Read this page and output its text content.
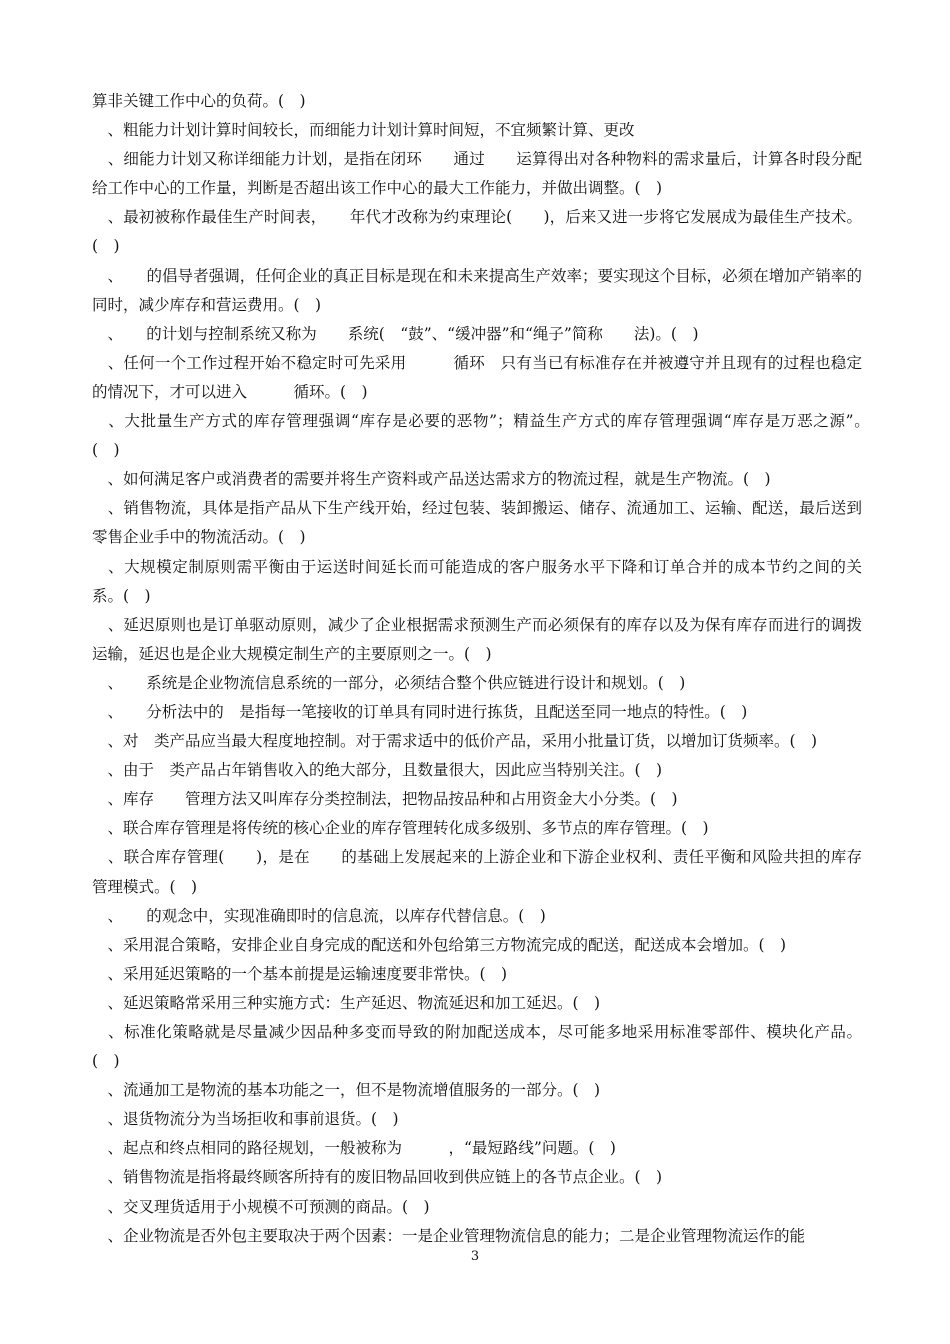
算非关键工作中心的负荷。(　)

　、粗能力计划计算时间较长，而细能力计划计算时间短，不宜频繁计算、更改

　、细能力计划又称详细能力计划，是指在闭环　　通过　　运算得出对各种物料的需求量后，计算各时段分配给工作中心的工作量，判断是否超出该工作中心的最大工作能力，并做出调整。(　)

　、最初被称作最佳生产时间表，　　年代才改称为约束理论(　　)，后来又进一步将它发展成为最佳生产技术。(　)

　、　　的倡导者强调，任何企业的真正目标是现在和未来提高生产效率；要实现这个目标，必须在增加产销率的同时，减少库存和营运费用。(　)

　、　　的计划与控制系统又称为　　系统(　“鼓”、“缓冲器”和“绳子”简称　　法)。(　)

　、任何一个工作过程开始不稳定时可先采用　　　循环　只有当已有标准存在并被遵守并且现有的过程也稳定的情况下，才可以进入　　　循环。(　)

　、大批量生产方式的库存管理强调“库存是必要的恶物”；精益生产方式的库存管理强调“库存是万恶之源”。　(　)

　、如何满足客户或消费者的需要并将生产资料或产品送达需求方的物流过程，就是生产物流。(　)

　、销售物流，具体是指产品从下生产线开始，经过包装、装卸搬运、储存、流通加工、运输、配送，最后送到零售企业手中的物流活动。(　)

　、大规模定制原则需平衡由于运送时间延长而可能造成的客户服务水平下降和订单合并的成本节约之间的关系。(　)

　、延迟原则也是订单驱动原则，减少了企业根据需求预测生产而必须保有的库存以及为保有库存而进行的调拨运输，延迟也是企业大规模定制生产的主要原则之一。(　)

　、　　系统是企业物流信息系统的一部分，必须结合整个供应链进行设计和规划。(　)

　、　　分析法中的　是指每一笔接收的订单具有同时进行拣货，且配送至同一地点的特性。(　)

　、对　类产品应当最大程度地控制。对于需求适中的低价产品，采用小批量订货，以增加订货频率。(　)

　、由于　类产品占年销售收入的绝大部分，且数量很大，因此应当特别关注。(　)

　、库存　　管理方法又叫库存分类控制法，把物品按品种和占用资金大小分类。(　)

　、联合库存管理是将传统的核心企业的库存管理转化成多级别、多节点的库存管理。(　)

　、联合库存管理(　　)，是在　　的基础上发展起来的上游企业和下游企业权利、责任平衡和风险共担的库存管理模式。(　)

　、　　的观念中，实现准确即时的信息流，以库存代替信息。(　)

　、采用混合策略，安排企业自身完成的配送和外包给第三方物流完成的配送，配送成本会增加。(　)

　、采用延迟策略的一个基本前提是运输速度要非常快。(　)

　、延迟策略常采用三种实施方式：生产延迟、物流延迟和加工延迟。(　)

　、标准化策略就是尽量减少因品种多变而导致的附加配送成本，尽可能多地采用标准零部件、模块化产品。(　)

　、流通加工是物流的基本功能之一，但不是物流增值服务的一部分。(　)

　、退货物流分为当场拒收和事前退货。(　)

　、起点和终点相同的路径规划，一般被称为　　　，“最短路线”问题。(　)

　、销售物流是指将最终顾客所持有的废旧物品回收到供应链上的各节点企业。(　)

　、交叉理货适用于小规模不可预测的商品。(　)

　、企业物流是否外包主要取决于两个因素：一是企业管理物流信息的能力；二是企业管理物流运作的能

3
